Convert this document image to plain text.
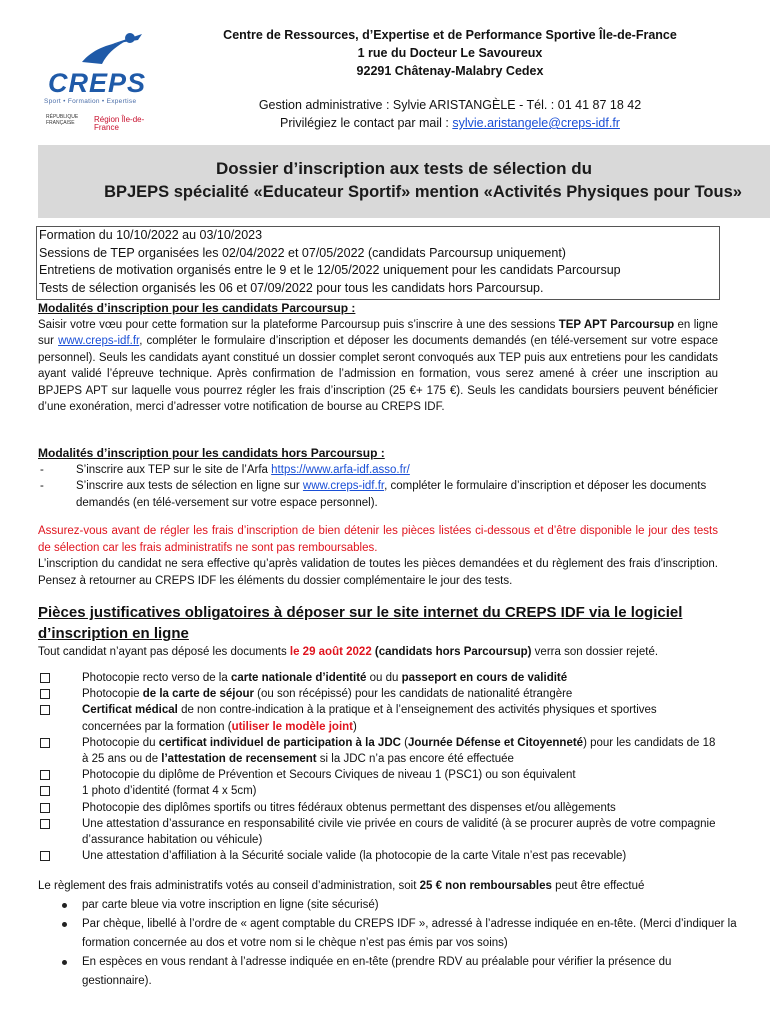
CREPS
Sport • Formation • Expertise
RÉPUBLIQUE FRANÇAISE	Région Île-de-France
Centre de Ressources, d’Expertise et de Performance Sportive Île-de-France
1 rue du Docteur Le Savoureux
92291 Châtenay-Malabry Cedex
Gestion administrative : Sylvie ARISTANGÈLE - Tél. : 01 41 87 18 42
Privilégiez le contact par mail : sylvie.aristangele@creps-idf.fr
Dossier d’inscription aux tests de sélection du
BPJEPS spécialité «Educateur Sportif» mention «Activités Physiques pour Tous»
Formation du 10/10/2022 au 03/10/2023
Sessions de TEP organisées les 02/04/2022 et 07/05/2022 (candidats Parcoursup uniquement)
Entretiens de motivation organisés entre le 9 et le 12/05/2022 uniquement pour les candidats Parcoursup
Tests de sélection organisés les 06 et 07/09/2022 pour tous les candidats hors Parcoursup.
Modalités d’inscription pour les candidats Parcoursup :
Saisir votre vœu pour cette formation sur la plateforme Parcoursup puis s’inscrire à une des sessions TEP APT Parcoursup en ligne sur www.creps-idf.fr, compléter le formulaire d’inscription et déposer les documents demandés (en télé-versement sur votre espace personnel). Seuls les candidats ayant constitué un dossier complet seront convoqués aux TEP puis aux entretiens pour les candidats ayant validé l’épreuve technique. Après confirmation de l’admission en formation, vous serez amené à créer une inscription au BPJEPS APT sur laquelle vous pourrez régler les frais d’inscription (25 €+ 175 €). Seuls les candidats boursiers peuvent bénéficier d’une exonération, merci d’adresser votre notification de bourse au CREPS IDF.
Modalités d’inscription pour les candidats hors Parcoursup :
-	S’inscrire aux TEP sur le site de l’Arfa https://www.arfa-idf.asso.fr/
-	S’inscrire aux tests de sélection en ligne sur www.creps-idf.fr, compléter le formulaire d’inscription et déposer les documents demandés (en télé-versement sur votre espace personnel).
Assurez-vous avant de régler les frais d’inscription de bien détenir les pièces listées ci-dessous et d’être disponible le jour des tests de sélection car les frais administratifs ne sont pas remboursables.
L’inscription du candidat ne sera effective qu’après validation de toutes les pièces demandées et du règlement des frais d’inscription. Pensez à retourner au CREPS IDF les éléments du dossier complémentaire le jour des tests.
Pièces justificatives obligatoires à déposer sur le site internet du CREPS IDF via le logiciel d’inscription en ligne
Tout candidat n’ayant pas déposé les documents le 29 août 2022 (candidats hors Parcoursup) verra son dossier rejeté.
Photocopie recto verso de la carte nationale d’identité ou du passeport en cours de validité
Photocopie de la carte de séjour (ou son récépissé) pour les candidats de nationalité étrangère
Certificat médical de non contre-indication à la pratique et à l’enseignement des activités physiques et sportives concernées par la formation (utiliser le modèle joint)
Photocopie du certificat individuel de participation à la JDC (Journée Défense et Citoyenneté) pour les candidats de 18 à 25 ans ou de l’attestation de recensement si la JDC n’a pas encore été effectuée
Photocopie du diplôme de Prévention et Secours Civiques de niveau 1 (PSC1) ou son équivalent
1 photo d’identité (format 4 x 5cm)
Photocopie des diplômes sportifs ou titres fédéraux obtenus permettant des dispenses et/ou allègements
Une attestation d’assurance en responsabilité civile vie privée en cours de validité (à se procurer auprès de votre compagnie d’assurance habitation ou véhicule)
Une attestation d’affiliation à la Sécurité sociale valide (la photocopie de la carte Vitale n’est pas recevable)
Le règlement des frais administratifs votés au conseil d’administration, soit 25 € non remboursables peut être effectué
par carte bleue via votre inscription en ligne (site sécurisé)
Par chèque, libellé à l’ordre de « agent comptable du CREPS IDF », adressé à l’adresse indiquée en en-tête. (Merci d’indiquer la formation concernée au dos et votre nom si le chèque n’est pas émis par vos soins)
En espèces en vous rendant à l’adresse indiquée en en-tête (prendre RDV au préalable pour vérifier la présence du gestionnaire).
